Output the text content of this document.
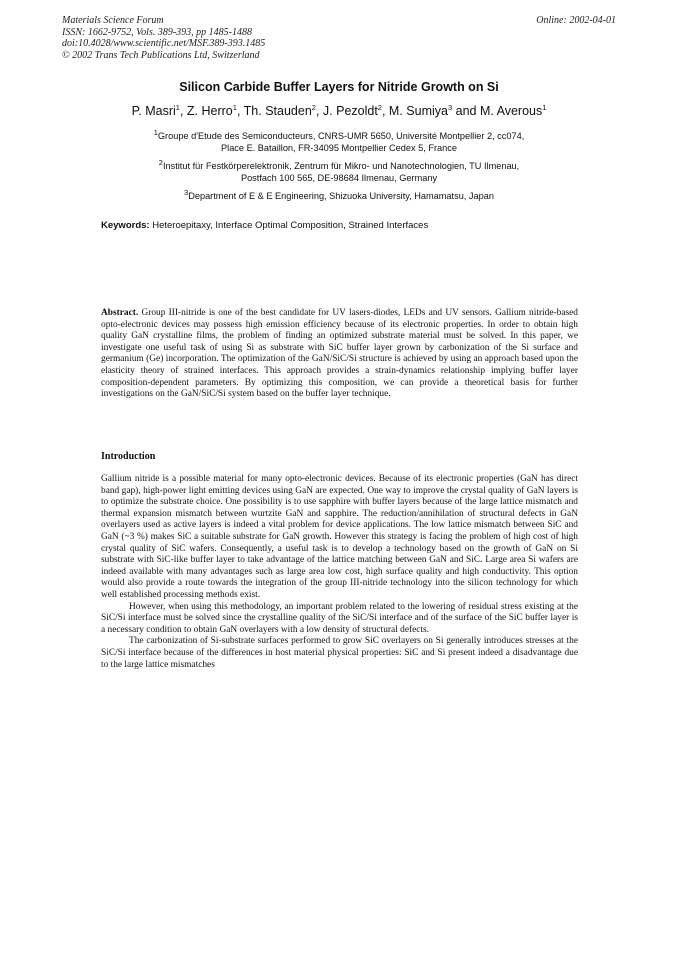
Materials Science Forum
ISSN: 1662-9752, Vols. 389-393, pp 1485-1488
doi:10.4028/www.scientific.net/MSF.389-393.1485
© 2002 Trans Tech Publications Ltd, Switzerland
Online: 2002-04-01
Silicon Carbide Buffer Layers for Nitride Growth on Si
P. Masri$^1$, Z. Herro$^1$, Th. Stauden$^2$, J. Pezoldt$^2$, M. Sumiya$^3$ and M. Averous$^1$
$^1$Groupe d'Etude des Semiconducteurs, CNRS-UMR 5650, Université Montpellier 2, cc074,
Place E. Bataillon, FR-34095 Montpellier Cedex 5, France
$^2$Institut für Festkörperelektronik, Zentrum für Mikro- und Nanotechnologien, TU Ilmenau,
Postfach 100 565, DE-98684 Ilmenau, Germany
$^3$Department of E & E Engineering, Shizuoka University, Hamamatsu, Japan
Keywords: Heteroepitaxy, Interface Optimal Composition, Strained Interfaces
Abstract. Group III-nitride is one of the best candidate for UV lasers-diodes, LEDs and UV sensors. Gallium nitride-based opto-electronic devices may possess high emission efficiency because of its electronic properties. In order to obtain high quality GaN crystalline films, the problem of finding an optimized substrate material must be solved. In this paper, we investigate one useful task of using Si as substrate with SiC buffer layer grown by carbonization of the Si surface and germanium (Ge) incorporation. The optimization of the GaN/SiC/Si structure is achieved by using an approach based upon the elasticity theory of strained interfaces. This approach provides a strain-dynamics relationship implying buffer layer composition-dependent parameters. By optimizing this composition, we can provide a theoretical basis for further investigations on the GaN/SiC/Si system based on the buffer layer technique.
Introduction

Gallium nitride is a possible material for many opto-electronic devices. Because of its electronic properties (GaN has direct band gap), high-power light emitting devices using GaN are expected. One way to improve the crystal quality of GaN layers is to optimize the substrate choice. One possibility is to use sapphire with buffer layers because of the large lattice mismatch and thermal expansion mismatch between wurtzite GaN and sapphire. The reduction/annihilation of structural defects in GaN overlayers used as active layers is indeed a vital problem for device applications. The low lattice mismatch between SiC and GaN (~3 %) makes SiC a suitable substrate for GaN growth. However this strategy is facing the problem of high cost of high crystal quality of SiC wafers. Consequently, a useful task is to develop a technology based on the growth of GaN on Si substrate with SiC-like buffer layer to take advantage of the lattice matching between GaN and SiC. Large area Si wafers are indeed available with many advantages such as large area low cost, high surface quality and high conductivity. This option would also provide a route towards the integration of the group III-nitride technology into the silicon technology for which well established processing methods exist.

However, when using this methodology, an important problem related to the lowering of residual stress existing at the SiC/Si interface must be solved since the crystalline quality of the SiC/Si interface and of the surface of the SiC buffer layer is a necessary condition to obtain GaN overlayers with a low density of structural defects.

The carbonization of Si-substrate surfaces performed to grow SiC overlayers on Si generally introduces stresses at the SiC/Si interface because of the differences in host material physical properties: SiC and Si present indeed a disadvantage due to the large lattice mismatches
